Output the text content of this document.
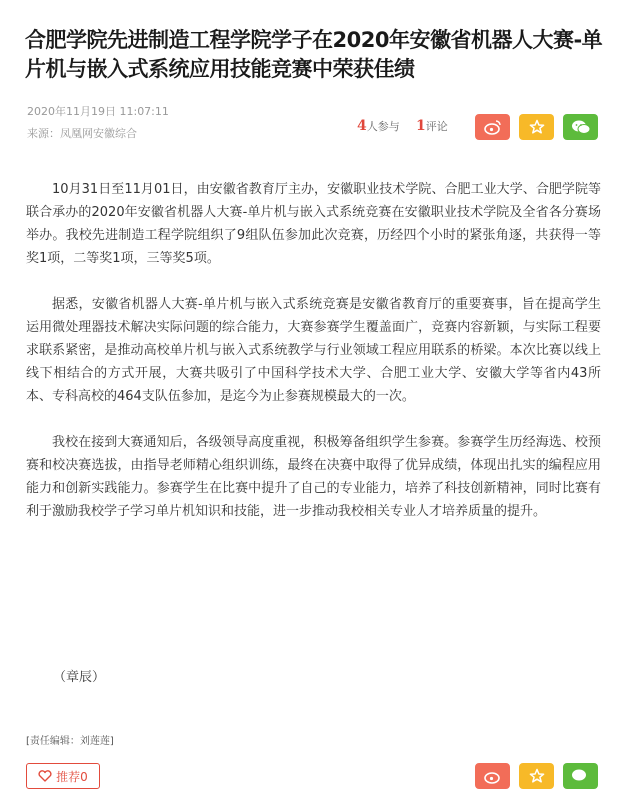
合肥学院先进制造工程学院学子在2020年安徽省机器人大赛-单片机与嵌入式系统应用技能竞赛中荣获佳绩
2020年11月19日 11:07:11
来源：凤凰网安徽综合	4人参与 1评论

10月31日至11月01日，由安徽省教育厅主办，安徽职业技术学院、合肥工业大学、合肥学院等联合承办的2020年安徽省机器人大赛-单片机与嵌入式系统竞赛在安徽职业技术学院及全省各分赛场举办。我校先进制造工程学院组织了9组队伍参加此次竞赛，历经四个小时的紧张角逐，共获得一等奖1项，二等奖1项，三等奖5项。

据悉，安徽省机器人大赛-单片机与嵌入式系统竞赛是安徽省教育厅的重要赛事，旨在提高学生运用微处理器技术解决实际问题的综合能力，大赛参赛学生覆盖面广，竞赛内容新颖，与实际工程要求联系紧密，是推动高校单片机与嵌入式系统教学与行业领域工程应用联系的桥梁。本次比赛以线上线下相结合的方式开展，大赛共吸引了中国科学技术大学、合肥工业大学、安徽大学等省内43所本、专科高校的464支队伍参加，是迄今为止参赛规模最大的一次。

我校在接到大赛通知后，各级领导高度重视，积极筹备组织学生参赛。参赛学生历经海选、校预赛和校决赛选拔，由指导老师精心组织训练，最终在决赛中取得了优异成绩，体现出扎实的编程应用能力和创新实践能力。参赛学生在比赛中提升了自己的专业能力，培养了科技创新精神，同时比赛有利于激励我校学子学习单片机知识和技能，进一步推动我校相关专业人才培养质量的提升。

（章辰）
[责任编辑：刘莲莲]
推荐0
